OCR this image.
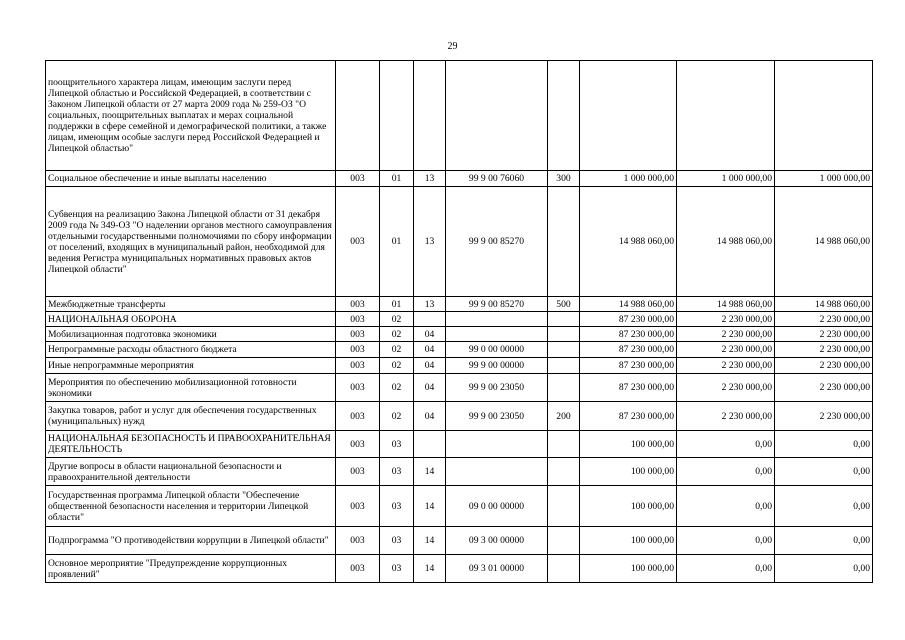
29
поощрительного характера лицам, имеющим заслуги перед Липецкой областью и Российской Федерацией, в соответствии с Законом Липецкой области от 27 марта 2009 года № 259-ОЗ "О социальных, поощрительных выплатах и мерах социальной поддержки в сфере семейной и демографической политики, а также лицам, имеющим особые заслуги перед Российской Федерацией и Липецкой областью"								
Социальное обеспечение и иные выплаты населению	003	01	13	99 9 00 76060	300	1 000 000,00	1 000 000,00	1 000 000,00
Субвенция на реализацию Закона Липецкой области от 31 декабря 2009 года № 349-ОЗ "О наделении органов местного самоуправления отдельными государственными полномочиями по сбору информации от поселений, входящих в муниципальный район, необходимой для ведения Регистра муниципальных нормативных правовых актов Липецкой области"	003	01	13	99 9 00 85270		14 988 060,00	14 988 060,00	14 988 060,00
Межбюджетные трансферты	003	01	13	99 9 00 85270	500	14 988 060,00	14 988 060,00	14 988 060,00
НАЦИОНАЛЬНАЯ ОБОРОНА	003	02				87 230 000,00	2 230 000,00	2 230 000,00
Мобилизационная подготовка экономики	003	02	04			87 230 000,00	2 230 000,00	2 230 000,00
Непрограммные расходы областного бюджета	003	02	04	99 0 00 00000		87 230 000,00	2 230 000,00	2 230 000,00
Иные непрограммные мероприятия	003	02	04	99 9 00 00000		87 230 000,00	2 230 000,00	2 230 000,00
Мероприятия по обеспечению мобилизационной готовности экономики	003	02	04	99 9 00 23050		87 230 000,00	2 230 000,00	2 230 000,00
Закупка товаров, работ и услуг для обеспечения государственных (муниципальных) нужд	003	02	04	99 9 00 23050	200	87 230 000,00	2 230 000,00	2 230 000,00
НАЦИОНАЛЬНАЯ БЕЗОПАСНОСТЬ И ПРАВООХРАНИТЕЛЬНАЯ ДЕЯТЕЛЬНОСТЬ	003	03				100 000,00	0,00	0,00
Другие вопросы в области национальной безопасности и правоохранительной деятельности	003	03	14			100 000,00	0,00	0,00
Государственная программа Липецкой области "Обеспечение общественной безопасности населения и территории Липецкой области"	003	03	14	09 0 00 00000		100 000,00	0,00	0,00
Подпрограмма "О противодействии коррупции в Липецкой области"	003	03	14	09 3 00 00000		100 000,00	0,00	0,00
Основное мероприятие "Предупреждение коррупционных проявлений"	003	03	14	09 3 01 00000		100 000,00	0,00	0,00
